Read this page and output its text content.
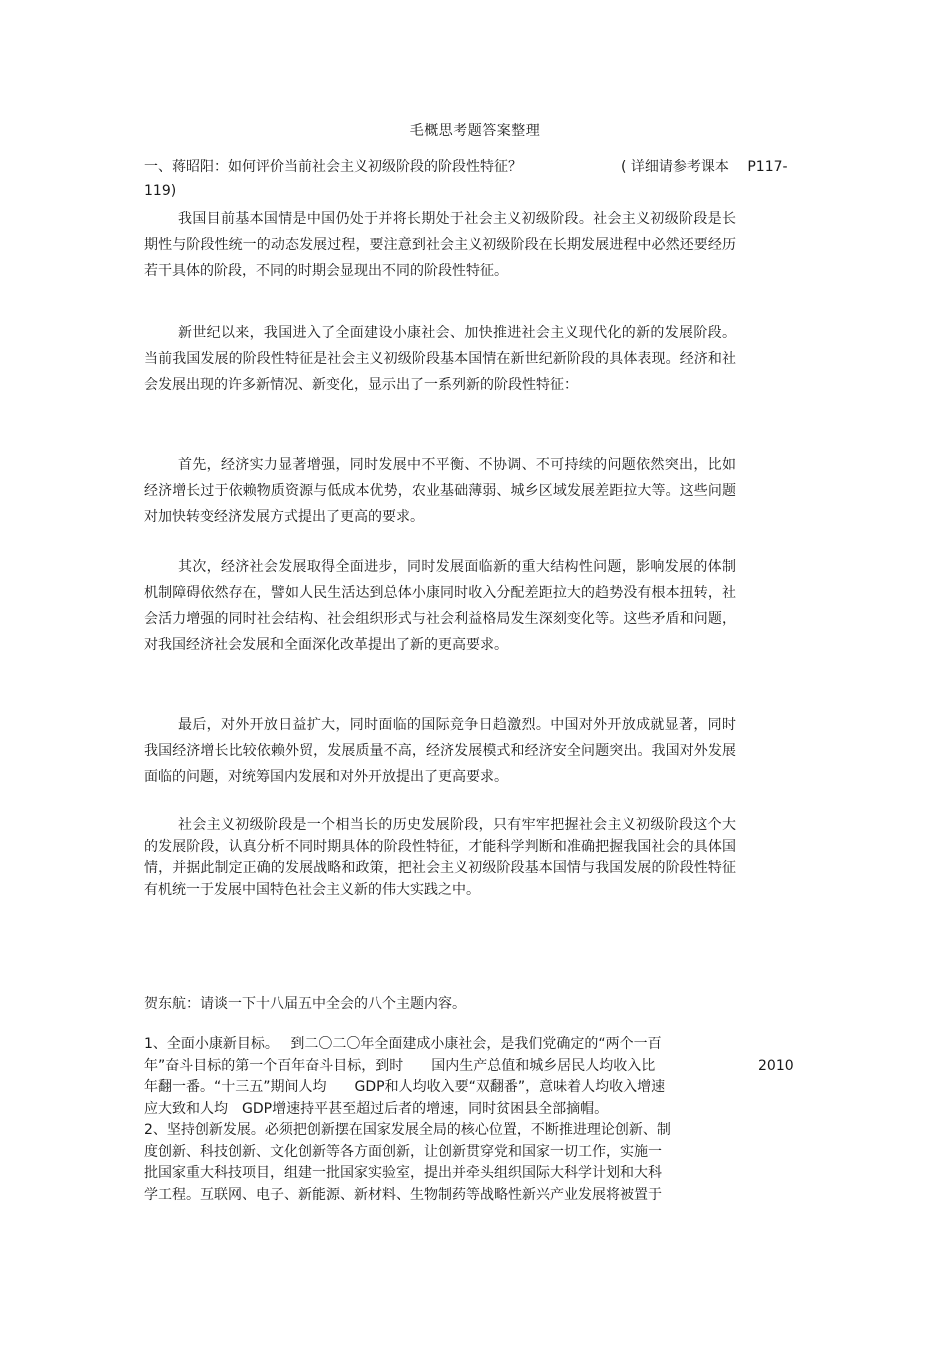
毛概思考题答案整理
一、蒋昭阳：如何评价当前社会主义初级阶段的阶段性特征？	( 详细请参考课本　 P117-
119)

我国目前基本国情是中国仍处于并将长期处于社会主义初级阶段。社会主义初级阶段是长期性与阶段性统一的动态发展过程，要注意到社会主义初级阶段在长期发展进程中必然还要经历若干具体的阶段，不同的时期会显现出不同的阶段性特征。

新世纪以来，我国进入了全面建设小康社会、加快推进社会主义现代化的新的发展阶段。当前我国发展的阶段性特征是社会主义初级阶段基本国情在新世纪新阶段的具体表现。经济和社会发展出现的许多新情况、新变化，显示出了一系列新的阶段性特征：

首先，经济实力显著增强，同时发展中不平衡、不协调、不可持续的问题依然突出，比如经济增长过于依赖物质资源与低成本优势，农业基础薄弱、城乡区域发展差距拉大等。这些问题对加快转变经济发展方式提出了更高的要求。

其次，经济社会发展取得全面进步，同时发展面临新的重大结构性问题，影响发展的体制机制障碍依然存在，譬如人民生活达到总体小康同时收入分配差距拉大的趋势没有根本扭转，社会活力增强的同时社会结构、社会组织形式与社会利益格局发生深刻变化等。这些矛盾和问题，对我国经济社会发展和全面深化改革提出了新的更高要求。

最后，对外开放日益扩大，同时面临的国际竞争日趋激烈。中国对外开放成就显著，同时我国经济增长比较依赖外贸，发展质量不高，经济发展模式和经济安全问题突出。我国对外发展面临的问题，对统筹国内发展和对外开放提出了更高要求。

社会主义初级阶段是一个相当长的历史发展阶段，只有牢牢把握社会主义初级阶段这个大的发展阶段，认真分析不同时期具体的阶段性特征，才能科学判断和准确把握我国社会的具体国情，并据此制定正确的发展战略和政策，把社会主义初级阶段基本国情与我国发展的阶段性特征有机统一于发展中国特色社会主义新的伟大实践之中。

贺东航：请谈一下十八届五中全会的八个主题内容。
1、全面小康新目标。　 到二〇二〇年全面建成小康社会，是我们党确定的“两个一百
年”奋斗目标的第一个百年奋斗目标，到时　　国内生产总值和城乡居民人均收入比	2010
年翻一番。“十三五”期间人均　　GDP和人均收入要“双翻番”，意味着人均收入增速
应大致和人均　GDP增速持平甚至超过后者的增速，同时贫困县全部摘帽。
2、坚持创新发展。必须把创新摆在国家发展全局的核心位置，不断推进理论创新、制
度创新、科技创新、文化创新等各方面创新，让创新贯穿党和国家一切工作，实施一
批国家重大科技项目，组建一批国家实验室，提出并牵头组织国际大科学计划和大科
学工程。互联网、电子、新能源、新材料、生物制药等战略性新兴产业发展将被置于
